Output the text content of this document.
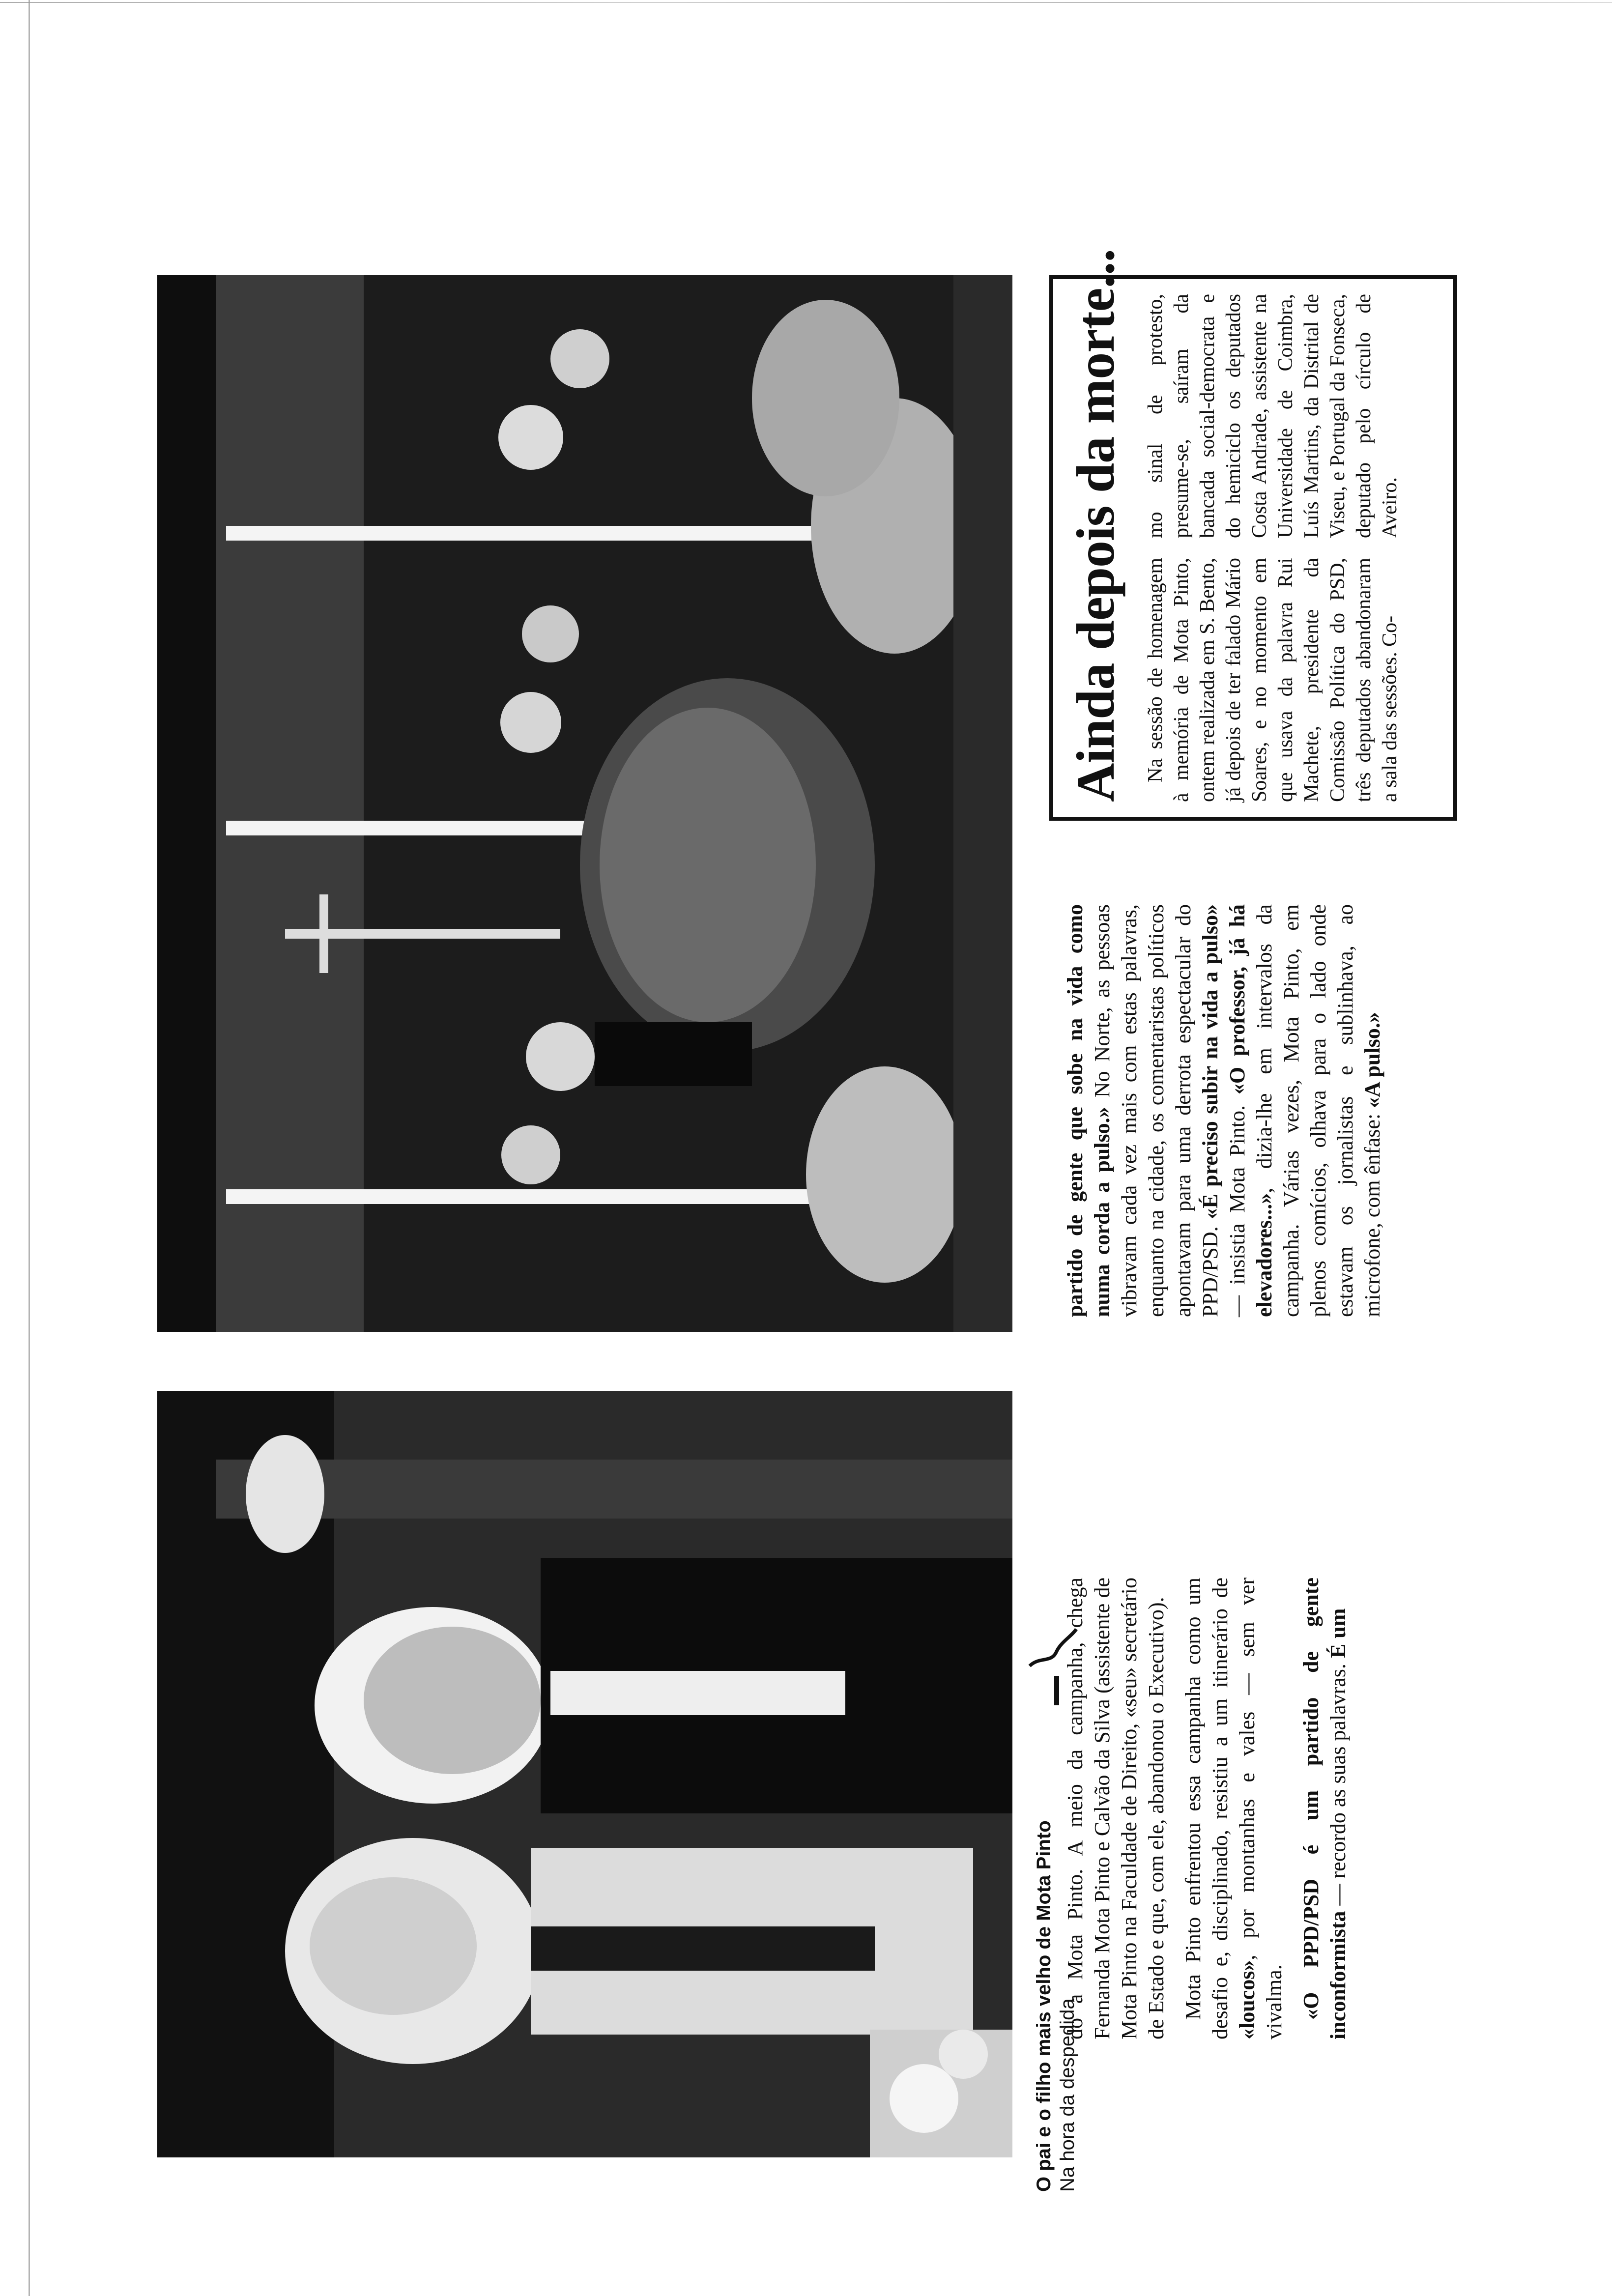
O pai e o filho mais velho de Mota Pinto Na hora da despedida

do a Mota Pinto. A meio da campanha, chega Fernanda Mota Pinto e Calvão da Silva (assistente de Mota Pinto na Faculdade de Direito, «seu» secretário de Estado e que, com ele, abandonou o Executivo). Mota Pinto enfrentou essa campanha como um desafio e, disciplinado, resistiu a um itinerário de «loucos», por montanhas e vales — sem ver vivalma. «O PPD/PSD é um partido de gente inconformista — recordo as suas palavras. É um

partido de gente que sobe na vida como numa corda a pulso.» No Norte, as pessoas vibravam cada vez mais com estas palavras, enquanto na cidade, os comentaristas políticos apontavam para uma derrota espectacular do PPD/PSD. «É preciso subir na vida a pulso» — insistia Mota Pinto. «O professor, já há elevadores...», dizia-lhe em intervalos da campanha. Várias vezes, Mota Pinto, em plenos comícios, olhava para o lado onde estavam os jornalistas e sublinhava, ao microfone, com ênfase: «A pulso.»

Ainda depois da morte... Na sessão de homenagem à memória de Mota Pinto, ontem realizada em S. Bento, já depois de ter falado Mário Soares, e no momento em que usava da palavra Rui Machete, presidente da Comissão Política do PSD, três deputados abandonaram a sala das sessões. Co-

mo sinal de protesto, presume-se, saíram da bancada social-democrata e do hemiciclo os deputados Costa Andrade, assistente na Universidade de Coimbra, Luís Martins, da Distrital de Viseu, e Portugal da Fonseca, deputado pelo círculo de Aveiro.
